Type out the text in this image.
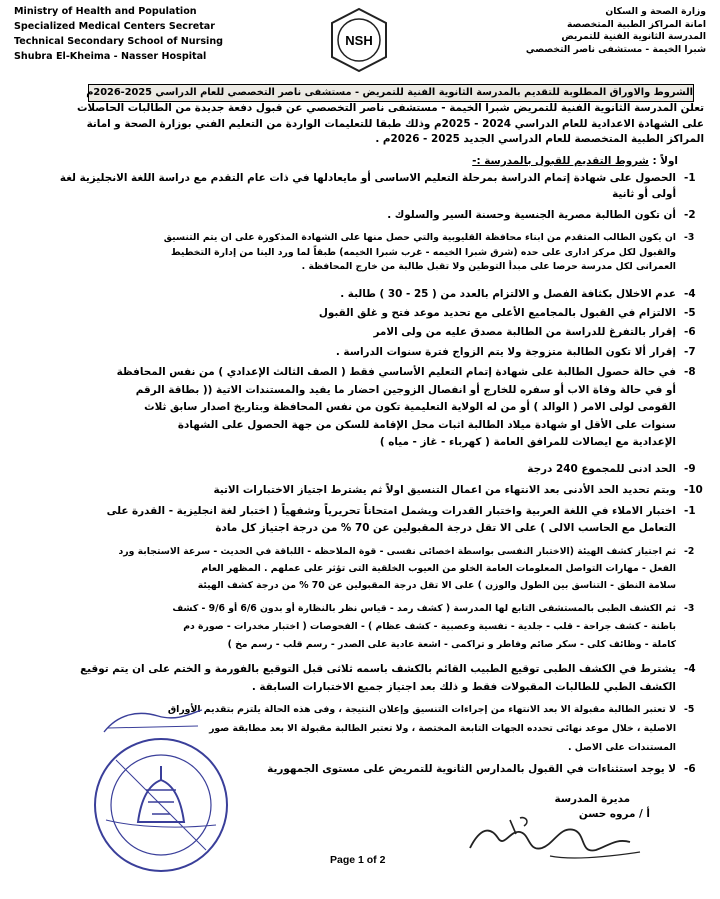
Ministry of Health and Population
Specialized Medical Centers Secretar
Technical Secondary School of Nursing
Shubra El-Kheima - Nasser Hospital
NSH
وزارة الصحة و السكان
امانة المراكز الطبية المتخصصة
المدرسة الثانوية الفنية للتمريض
شبرا الخيمة - مستشفى ناصر التخصصي
الشروط والاوراق المطلوبة للتقديم بالمدرسة الثانوية الفنية للتمريض - مستشفى ناصر التخصصي للعام الدراسي 2025-2026م
تعلن المدرسة الثانوية الفنية للتمريض شبرا الخيمة - مستشفى ناصر التخصصي عن قبول دفعة جديدة من الطالبات الحاصلات
على الشهادة الاعدادية للعام الدراسي 2024 - 2025م وذلك طبقا للتعليمات الواردة من التعليم الفني بوزارة الصحة و امانة
المراكز الطبية المتخصصة للعام الدراسي الجديد 2025 - 2026م .
اولاً : شروط التقديم للقبول بالمدرسة :-
-1
الحصول على شهادة إتمام الدراسة بمرحلة التعليم الاساسى أو مايعادلها في ذات عام التقدم مع دراسة اللغة الانجليزية لغة
أولى أو ثانية
-2
أن تكون الطالبة مصرية الجنسية وحسنة السير والسلوك .
-3
ان يكون الطالب المتقدم من ابناء محافظة القليوبية والتي حصل منها على الشهادة المذكورة على ان يتم التنسيق
والقبول لكل مركز ادارى على حده (شرق شبرا الخيمه - غرب شبرا الخيمه) طبقاً لما ورد الينا من إدارة التخطيط
العمرانى لكل مدرسة حرصا على مبدأ التوطين ولا تقبل طالبة من خارج المحافظة .
-4
عدم الاخلال بكثافة الفصل و الالتزام بالعدد من ( 25 - 30 ) طالبة .
-5
الالتزام في القبول بالمجاميع الأعلى مع تحديد موعد فتح و غلق القبول
-6
إقرار بالتفرغ للدراسة من الطالبة مصدق عليه من ولى الامر
-7
إقرار ألا تكون الطالبة متزوجة ولا يتم الزواج فترة سنوات الدراسة .
-8
في حالة حصول الطالبة على شهادة إتمام التعليم الأساسي فقط ( الصف الثالث الإعدادي ) من نفس المحافظة
أو في حالة وفاة الاب أو سفره للخارج أو انفصال الزوجين احضار ما يفيد والمستندات الاتية (( بطاقة الرقم
القومى لولى الامر ( الوالد ) أو من له الولاية التعليمية تكون من نفس المحافظة وبتاريخ اصدار سابق ثلاث
سنوات على الأقل او شهادة ميلاد الطالبة اثبات محل الإقامة للسكن من جهة الحصول على الشهادة
الإعدادية مع ايصالات للمرافق العامة ( كهرباء - غاز - مياه )
-9
الحد ادنى للمجموع 240 درجة
-10
وبتم تحديد الحد الأدنى بعد الانتهاء من اعمال التنسيق اولاً ثم يشترط اجتياز الاختبارات الاتية
-1
اختبار الاملاء في اللغة العربية واختبار القدرات ويشمل امتحاناً تحريرياً وشفهياً ( اختبار لغة انجليزية - القدرة على
التعامل مع الحاسب الالى ) على الا تقل درجة المقبولين عن 70 % من درجة اجتياز كل مادة
-2
ثم اجتياز كشف الهيئة (الاختبار النفسى بواسطة اخصائى نفسى - قوة الملاحظه - اللباقة في الحديث - سرعة الاستجابة ورد
الفعل - مهارات التواصل المعلومات العامة الخلو من العيوب الخلقية التى تؤثر على عملهم . المظهر العام
سلامة النطق - التناسق بين الطول والوزن ) على الا تقل درجة المقبولين عن 70 % من درجة كشف الهيئة
-3
ثم الكشف الطبى بالمستشفى التابع لها المدرسة ( كشف رمد - قياس نظر بالنظارة أو بدون 6/6 أو 9/6 - كشف
باطنة - كشف جراحة - قلب - جلدية - نفسية وعصبية - كشف عظام ) - الفحوصات ( اختبار مخدرات - صورة دم
كاملة - وظائف كلى - سكر صائم وفاطر و تراكمى - اشعة عادية على الصدر - رسم قلب - رسم مخ )
-4
يشترط في الكشف الطبى توقيع الطبيب القائم بالكشف باسمه ثلاثى قبل التوقيع بالفورمة و الختم على ان يتم توقيع
الكشف الطبي للطالبات المقبولات فقط و ذلك بعد اجتياز جميع الاختبارات السابقة .
-5
لا تعتبر الطالبة مقبولة الا بعد الانتهاء من إجراءات التنسيق وإعلان النتيجة ، وفى هذه الحالة يلتزم بتقديم الأوراق
الاصلية ، خلال موعد نهائى تحدده الجهات التابعة المختصة ، ولا تعتبر الطالبة مقبولة الا بعد مطابقة صور
المستندات على الاصل .
-6
لا يوجد استثناءات في القبول بالمدارس الثانوية للتمريض على مستوى الجمهورية
مديرة المدرسة
أ / مروه حسن
Page 1 of 2
